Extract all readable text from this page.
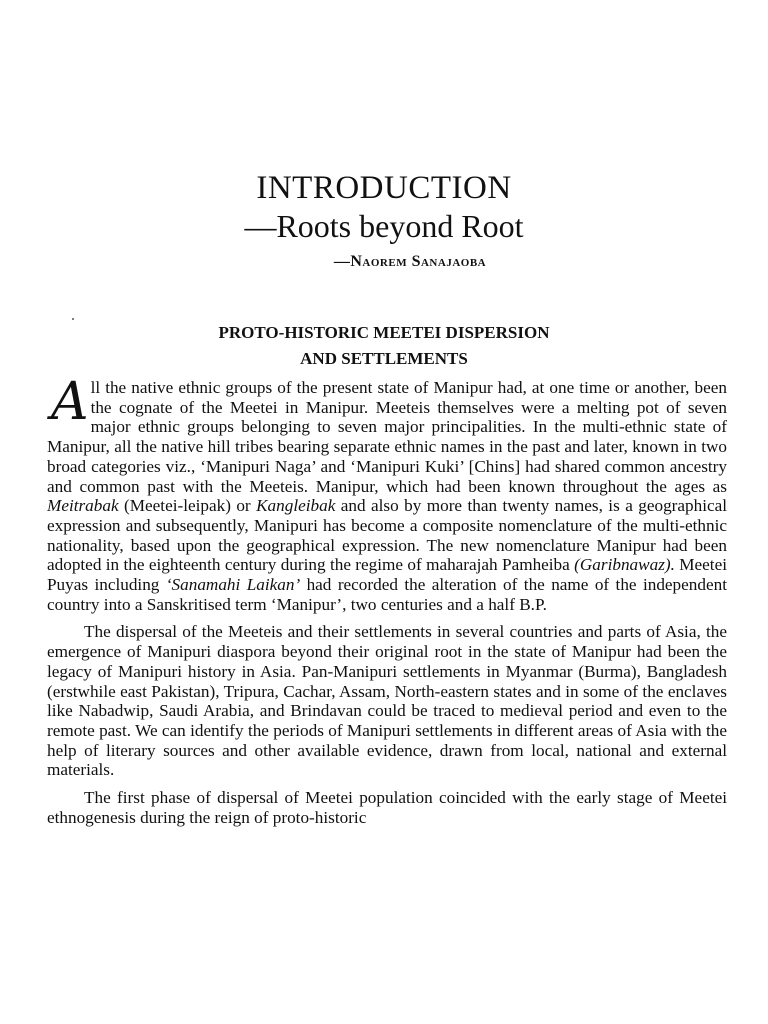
INTRODUCTION
—Roots beyond Root
—Naorem Sanajaoba
PROTO-HISTORIC MEETEI DISPERSION
AND SETTLEMENTS

All the native ethnic groups of the present state of Manipur had, at one time or another, been the cognate of the Meetei in Manipur. Meeteis themselves were a melting pot of seven major ethnic groups belonging to seven major principalities. In the multi-ethnic state of Manipur, all the native hill tribes bearing separate ethnic names in the past and later, known in two broad categories viz., ‘Manipuri Naga’ and ‘Manipuri Kuki’ [Chins] had shared common ancestry and common past with the Meeteis. Manipur, which had been known throughout the ages as Meitrabak (Meetei-leipak) or Kangleibak and also by more than twenty names, is a geographical expression and subsequently, Manipuri has become a composite nomenclature of the multi-ethnic nationality, based upon the geographical expression. The new nomenclature Manipur had been adopted in the eighteenth century during the regime of maharajah Pamheiba (Garibnawaz). Meetei Puyas including ‘Sanamahi Laikan’ had recorded the alteration of the name of the independent country into a Sanskritised term ‘Manipur’, two centuries and a half B.P.

The dispersal of the Meeteis and their settlements in several countries and parts of Asia, the emergence of Manipuri diaspora beyond their original root in the state of Manipur had been the legacy of Manipuri history in Asia. Pan-Manipuri settlements in Myanmar (Burma), Bangladesh (erstwhile east Pakistan), Tripura, Cachar, Assam, North-eastern states and in some of the enclaves like Nabadwip, Saudi Arabia, and Brindavan could be traced to medieval period and even to the remote past. We can identify the periods of Manipuri settlements in different areas of Asia with the help of literary sources and other available evidence, drawn from local, national and external materials.

The first phase of dispersal of Meetei population coincided with the early stage of Meetei ethnogenesis during the reign of proto-historic
